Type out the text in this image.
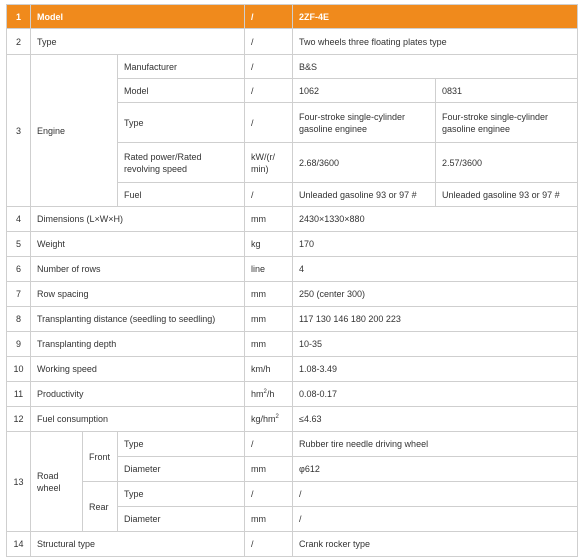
1	Model			/	2ZF-4E	
2	Type			/	Two wheels three floating plates type	
3	Engine		Manufacturer	/	B&S	
			Model	/	1062	0831
			Type	/	Four-stroke single-cylinder gasoline enginee	Four-stroke single-cylinder gasoline enginee
			Rated power/Rated revolving speed	kW/(r/ min)	2.68/3600	2.57/3600
			Fuel	/	Unleaded gasoline 93 or 97 #	Unleaded gasoline 93 or 97 #
4	Dimensions (L×W×H)			mm	2430×1330×880	
5	Weight			kg	170	
6	Number of rows			line	4	
7	Row spacing			mm	250 (center 300)	
8	Transplanting distance (seedling to seedling)			mm	117 130 146 180 200 223	
9	Transplanting depth			mm	10-35	
10	Working speed			km/h	1.08-3.49	
11	Productivity			$hm^2/h$	0.08-0.17	
12	Fuel consumption			$kg/hm^2$	≤4.63	
13	Road wheel	Front	Type	/	Rubber tire needle driving wheel	
			Diameter	mm	φ612	
		Rear	Type	/	/	
			Diameter	mm	/	
14	Structural type			/	Crank rocker type	
